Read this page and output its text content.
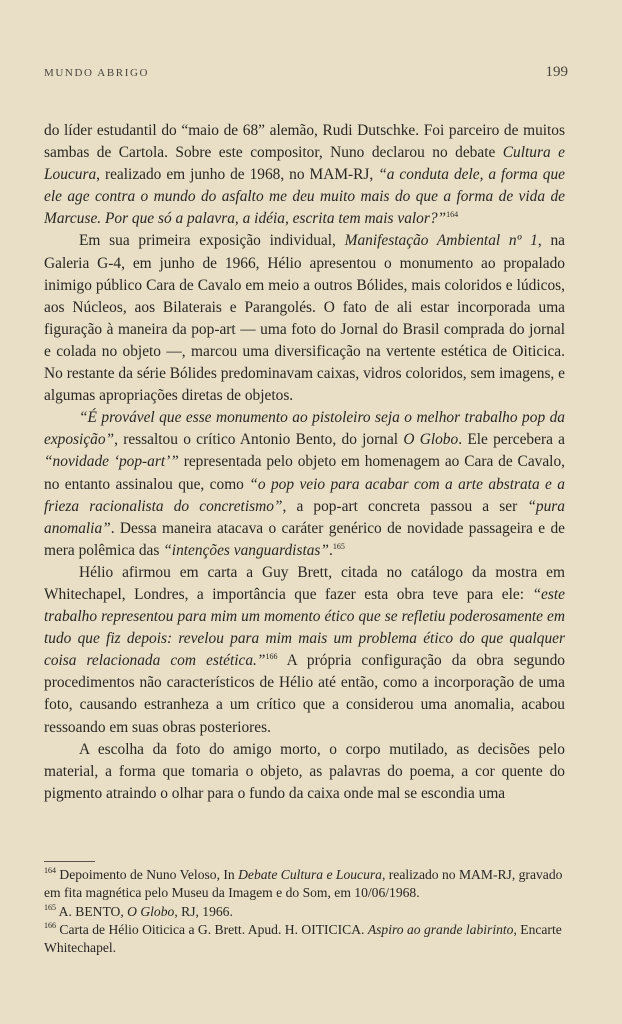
MUNDO ABRIGO	199

do líder estudantil do “maio de 68” alemão, Rudi Dutschke. Foi parceiro de muitos sambas de Cartola. Sobre este compositor, Nuno declarou no debate Cultura e Loucura, realizado em junho de 1968, no MAM-RJ, “a conduta dele, a forma que ele age contra o mundo do asfalto me deu muito mais do que a forma de vida de Marcuse. Por que só a palavra, a idéia, escrita tem mais valor?”$^{164}$

Em sua primeira exposição individual, Manifestação Ambiental nº 1, na Galeria G-4, em junho de 1966, Hélio apresentou o monumento ao propalado inimigo público Cara de Cavalo em meio a outros Bólides, mais coloridos e lúdicos, aos Núcleos, aos Bilaterais e Parangolés. O fato de ali estar incorporada uma figuração à maneira da pop-art — uma foto do Jornal do Brasil comprada do jornal e colada no objeto —, marcou uma diversificação na vertente estética de Oiticica. No restante da série Bólides predominavam caixas, vidros coloridos, sem imagens, e algumas apropriações diretas de objetos.

“É provável que esse monumento ao pistoleiro seja o melhor trabalho pop da exposição”, ressaltou o crítico Antonio Bento, do jornal O Globo. Ele percebera a “novidade ‘pop-art’” representada pelo objeto em homenagem ao Cara de Cavalo, no entanto assinalou que, como “o pop veio para acabar com a arte abstrata e a frieza racionalista do concretismo”, a pop-art concreta passou a ser “pura anomalia”. Dessa maneira atacava o caráter genérico de novidade passageira e de mera polêmica das “intenções vanguardistas”.$^{165}$

Hélio afirmou em carta a Guy Brett, citada no catálogo da mostra em Whitechapel, Londres, a importância que fazer esta obra teve para ele: “este trabalho representou para mim um momento ético que se refletiu poderosamente em tudo que fiz depois: revelou para mim mais um problema ético do que qualquer coisa relacionada com estética.”$^{166}$ A própria configuração da obra segundo procedimentos não característicos de Hélio até então, como a incorporação de uma foto, causando estranheza a um crítico que a considerou uma anomalia, acabou ressoando em suas obras posteriores.

A escolha da foto do amigo morto, o corpo mutilado, as decisões pelo material, a forma que tomaria o objeto, as palavras do poema, a cor quente do pigmento atraindo o olhar para o fundo da caixa onde mal se escondia uma

$^{164}$ Depoimento de Nuno Veloso, In Debate Cultura e Loucura, realizado no MAM-RJ, gravado em fita magnética pelo Museu da Imagem e do Som, em 10/06/1968.

$^{165}$ A. BENTO, O Globo, RJ, 1966.

$^{166}$ Carta de Hélio Oiticica a G. Brett. Apud. H. OITICICA. Aspiro ao grande labirinto, Encarte Whitechapel.
